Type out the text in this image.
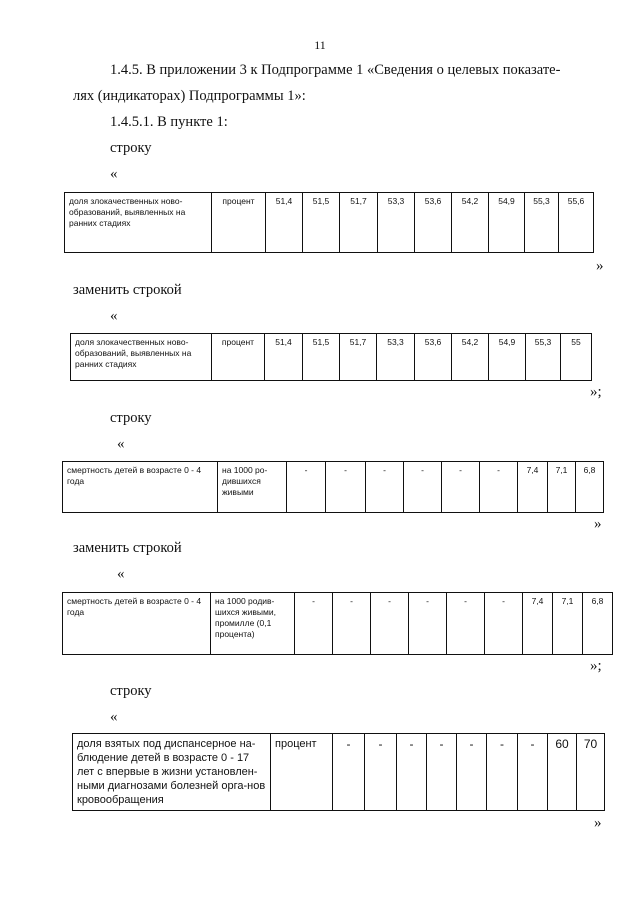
11
1.4.5. В приложении 3 к Подпрограмме 1 «Сведения о целевых показате-
лях (индикаторах) Подпрограммы 1»:
1.4.5.1. В пункте 1:
строку
«
доля злокачественных ново-образований, выявленных на ранних стадиях	процент	51,4	51,5	51,7	53,3	53,6	54,2	54,9	55,3	55,6
»
заменить строкой
«
доля злокачественных ново-образований, выявленных на ранних стадиях	процент	51,4	51,5	51,7	53,3	53,6	54,2	54,9	55,3	55
»;
строку
«
смертность детей в возрасте 0 - 4 года	на 1000 ро-дившихся живыми	-	-	-	-	-	-	7,4	7,1	6,8
»
заменить строкой
«
смертность детей в возрасте 0 - 4 года	на 1000 родив-шихся живыми, промилле (0,1 процента)	-	-	-	-	-	-	7,4	7,1	6,8
»;
строку
«
доля взятых под диспансерное на-блюдение детей в возрасте 0 - 17 лет с впервые в жизни установлен-ными диагнозами болезней орга-нов кровообращения	процент	-	-	-	-	-	-	-	60	70
»
